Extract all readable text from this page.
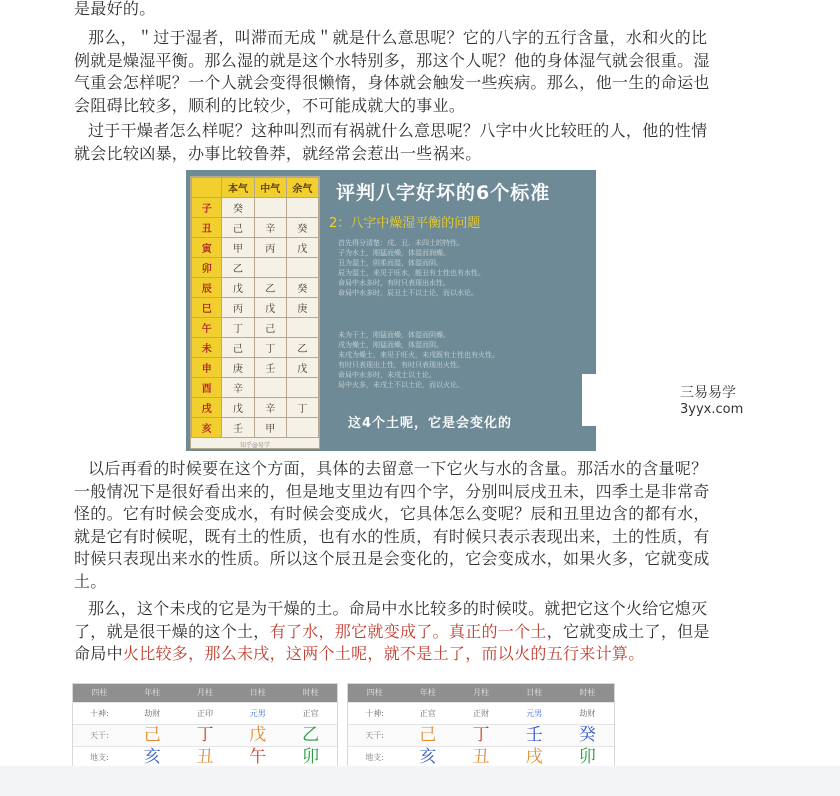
是最好的。

那么，＂过于湿者，叫滞而无成＂就是什么意思呢？它的八字的五行含量，水和火的比例就是燥湿平衡。那么湿的就是这个水特别多，那这个人呢？他的身体湿气就会很重。湿气重会怎样呢？一个人就会变得很懒惰，身体就会触发一些疾病。那么，他一生的命运也会阻碍比较多，顺利的比较少，不可能成就大的事业。

过于干燥者怎么样呢？这种叫烈而有祸就什么意思呢？八字中火比较旺的人，他的性情就会比较凶暴，办事比较鲁莽，就经常会惹出一些祸来。

	本气	中气	余气
子	癸		
丑	己	辛	癸
寅	甲	丙	戊
卯	乙		
辰	戊	乙	癸
巳	丙	戊	庚
午	丁	己	
未	己	丁	乙
申	庚	壬	戊
酉	辛		
戌	戊	辛	丁
亥	壬	甲	
知乎@易学
评判八字好坏的6个标准
2：八字中燥湿平衡的问题

首先得分清楚：戌、丑、未四土的特性。
子为水土，刚猛而燥，体湿而润燥。
丑为湿土，阴柔而湿，体湿而阴。
辰为湿土，来见于旺水，能丑有土性也有水性。
命局中水多时，有时只表现出水性。
命局中水多时，辰丑土不以土论，而以水论。

未为干土，刚猛而燥，体湿而阴燥。
戌为燥土，刚猛而燥，体湿而阴。
未戌为燥土，来见于旺火，未戌既有土性也有火性。
有时只表现出土性，有时只表现出火性。
命局中水多时，未戌土以土论。
局中火多，未戌土不以土论，而以火论。

这4个土呢，它是会变化的
三易易学
3yyx.com

以后再看的时候要在这个方面，具体的去留意一下它火与水的含量。那活水的含量呢？一般情况下是很好看出来的，但是地支里边有四个字，分别叫辰戌丑未，四季土是非常奇怪的。它有时候会变成水，有时候会变成火，它具体怎么变呢？辰和丑里边含的都有水，就是它有时候呢，既有土的性质，也有水的性质，有时候只表示表现出来，土的性质，有时候只表现出来水的性质。所以这个辰丑是会变化的，它会变成水，如果火多，它就变成土。

那么，这个未戌的它是为干燥的土。命局中水比较多的时候哎。就把它这个火给它熄灭了，就是很干燥的这个土，有了水，那它就变成了。真正的一个土，它就变成土了，但是命局中火比较多，那么未戌，这两个土呢，就不是土了，而以火的五行来计算。

四柱	年柱	月柱	日柱	时柱
十神:	劫财	正印	元男	正官
天干:	己	丁	戊	乙
地支:	亥	丑	午	卯
四柱	年柱	月柱	日柱	时柱
十神:	正官	正财	元男	劫财
天干:	己	丁	壬	癸
地支:	亥	丑	戌	卯
